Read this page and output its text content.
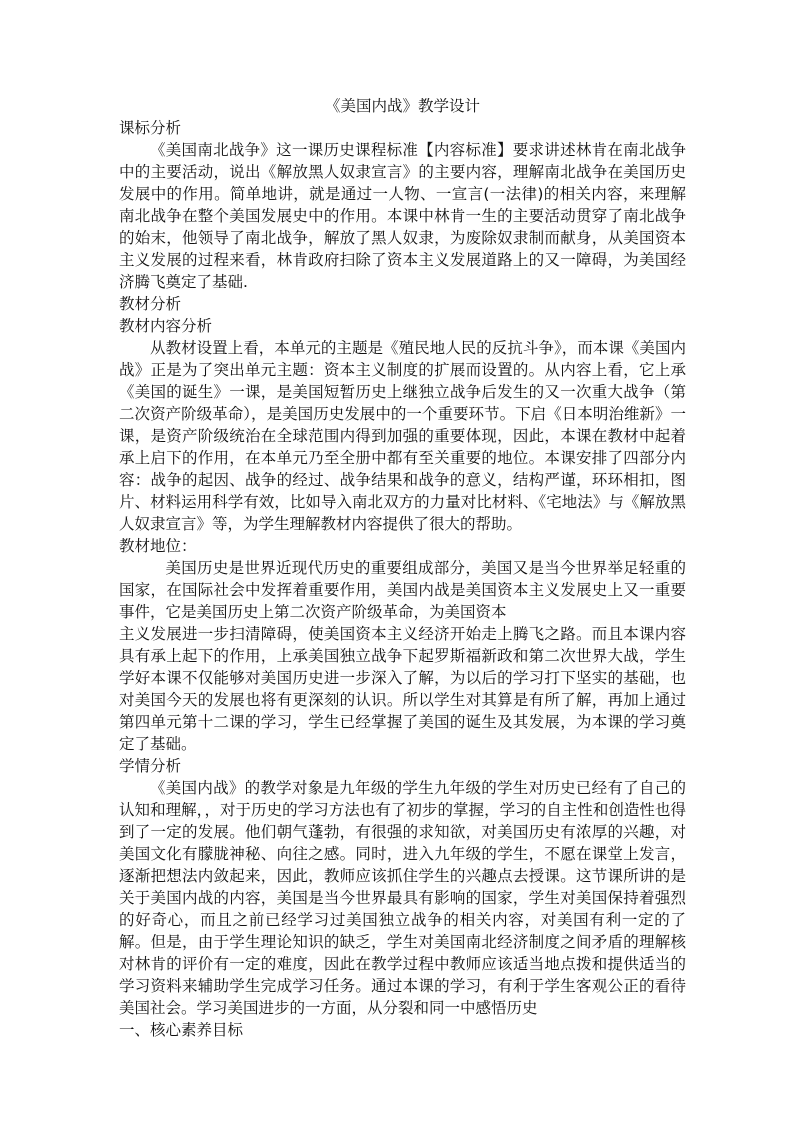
《美国内战》教学设计

课标分析

《美国南北战争》这一课历史课程标准【内容标准】要求讲述林肯在南北战争中的主要活动，说出《解放黑人奴隶宣言》的主要内容，理解南北战争在美国历史发展中的作用。简单地讲，就是通过一人物、一宣言(一法律)的相关内容，来理解南北战争在整个美国发展史中的作用。本课中林肯一生的主要活动贯穿了南北战争的始末，他领导了南北战争，解放了黑人奴隶，为废除奴隶制而献身，从美国资本主义发展的过程来看，林肯政府扫除了资本主义发展道路上的又一障碍，为美国经济腾飞奠定了基础.

教材分析

教材内容分析

从教材设置上看，本单元的主题是《殖民地人民的反抗斗争》，而本课《美国内战》正是为了突出单元主题：资本主义制度的扩展而设置的。从内容上看，它上承《美国的诞生》一课，是美国短暂历史上继独立战争后发生的又一次重大战争（第二次资产阶级革命），是美国历史发展中的一个重要环节。下启《日本明治维新》一课，是资产阶级统治在全球范围内得到加强的重要体现，因此，本课在教材中起着承上启下的作用，在本单元乃至全册中都有至关重要的地位。本课安排了四部分内容：战争的起因、战争的经过、战争结果和战争的意义，结构严谨，环环相扣，图片、材料运用科学有效，比如导入南北双方的力量对比材料、《宅地法》与《解放黑人奴隶宣言》等，为学生理解教材内容提供了很大的帮助。

教材地位：

美国历史是世界近现代历史的重要组成部分，美国又是当今世界举足轻重的国家，在国际社会中发挥着重要作用，美国内战是美国资本主义发展史上又一重要事件，它是美国历史上第二次资产阶级革命，为美国资本

主义发展进一步扫清障碍，使美国资本主义经济开始走上腾飞之路。而且本课内容具有承上起下的作用，上承美国独立战争下起罗斯福新政和第二次世界大战，学生学好本课不仅能够对美国历史进一步深入了解，为以后的学习打下坚实的基础，也对美国今天的发展也将有更深刻的认识。所以学生对其算是有所了解，再加上通过第四单元第十二课的学习，学生已经掌握了美国的诞生及其发展，为本课的学习奠定了基础。

学情分析

《美国内战》的教学对象是九年级的学生九年级的学生对历史已经有了自己的认知和理解，，对于历史的学习方法也有了初步的掌握，学习的自主性和创造性也得到了一定的发展。他们朝气蓬勃，有很强的求知欲，对美国历史有浓厚的兴趣，对美国文化有朦胧神秘、向往之感。同时，进入九年级的学生，不愿在课堂上发言，逐渐把想法内敛起来，因此，教师应该抓住学生的兴趣点去授课。这节课所讲的是关于美国内战的内容，美国是当今世界最具有影响的国家，学生对美国保持着强烈的好奇心，而且之前已经学习过美国独立战争的相关内容，对美国有利一定的了解。但是，由于学生理论知识的缺乏，学生对美国南北经济制度之间矛盾的理解核对林肯的评价有一定的难度，因此在教学过程中教师应该适当地点拨和提供适当的学习资料来辅助学生完成学习任务。通过本课的学习，有利于学生客观公正的看待美国社会。学习美国进步的一方面，从分裂和同一中感悟历史

一、核心素养目标
